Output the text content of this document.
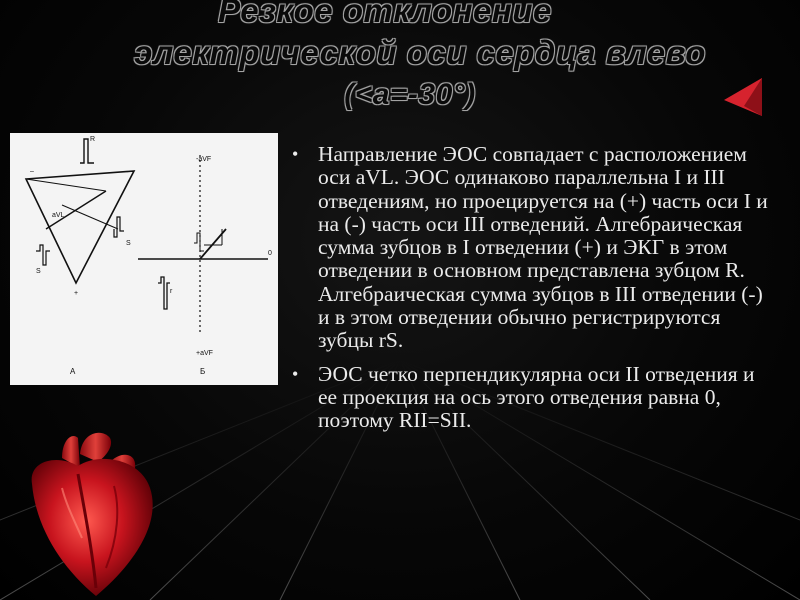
Резкое отклонение
электрической оси сердца влево
(<а=-30°)
R
aVL
-aVF
+aVF
0
А	Б
r
S
S
–
+
• Направление ЭОС совпадает с расположением оси aVL. ЭОС одинаково параллельна I и III отведениям, но проецируется на (+) часть оси I и на (-) часть оси III отведений. Алгебраическая сумма зубцов в I отведении (+) и ЭКГ в этом отведении в основном представлена зубцом R. Алгебраическая сумма зубцов в III отведении (-) и в этом отведении обычно регистрируются зубцы rS.
• ЭОС четко перпендикулярна оси II отведения и ее проекция на ось этого отведения равна 0, поэтому RII=SII.
